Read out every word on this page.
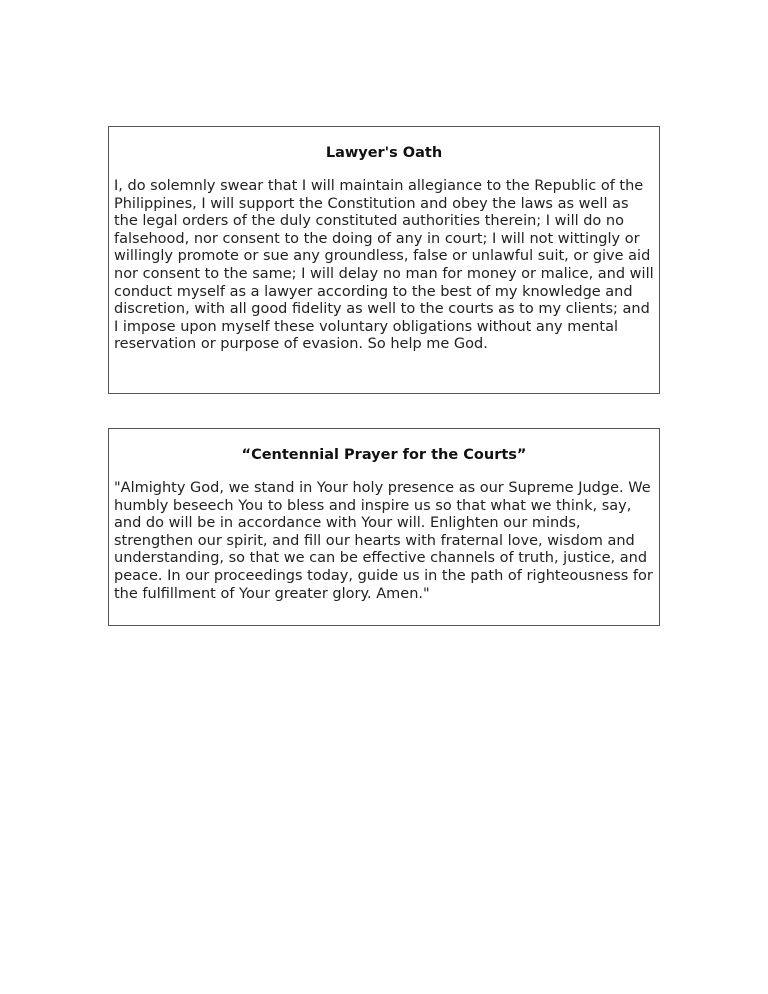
Lawyer's Oath

I, do solemnly swear that I will maintain allegiance to the Republic of the Philippines, I will support the Constitution and obey the laws as well as the legal orders of the duly constituted authorities therein; I will do no falsehood, nor consent to the doing of any in court; I will not wittingly or willingly promote or sue any groundless, false or unlawful suit, or give aid nor consent to the same; I will delay no man for money or malice, and will conduct myself as a lawyer according to the best of my knowledge and discretion, with all good fidelity as well to the courts as to my clients; and I impose upon myself these voluntary obligations without any mental reservation or purpose of evasion. So help me God.

“Centennial Prayer for the Courts”

"Almighty God, we stand in Your holy presence as our Supreme Judge. We humbly beseech You to bless and inspire us so that what we think, say, and do will be in accordance with Your will. Enlighten our minds, strengthen our spirit, and fill our hearts with fraternal love, wisdom and understanding, so that we can be effective channels of truth, justice, and peace. In our proceedings today, guide us in the path of righteousness for the fulfillment of Your greater glory. Amen."
